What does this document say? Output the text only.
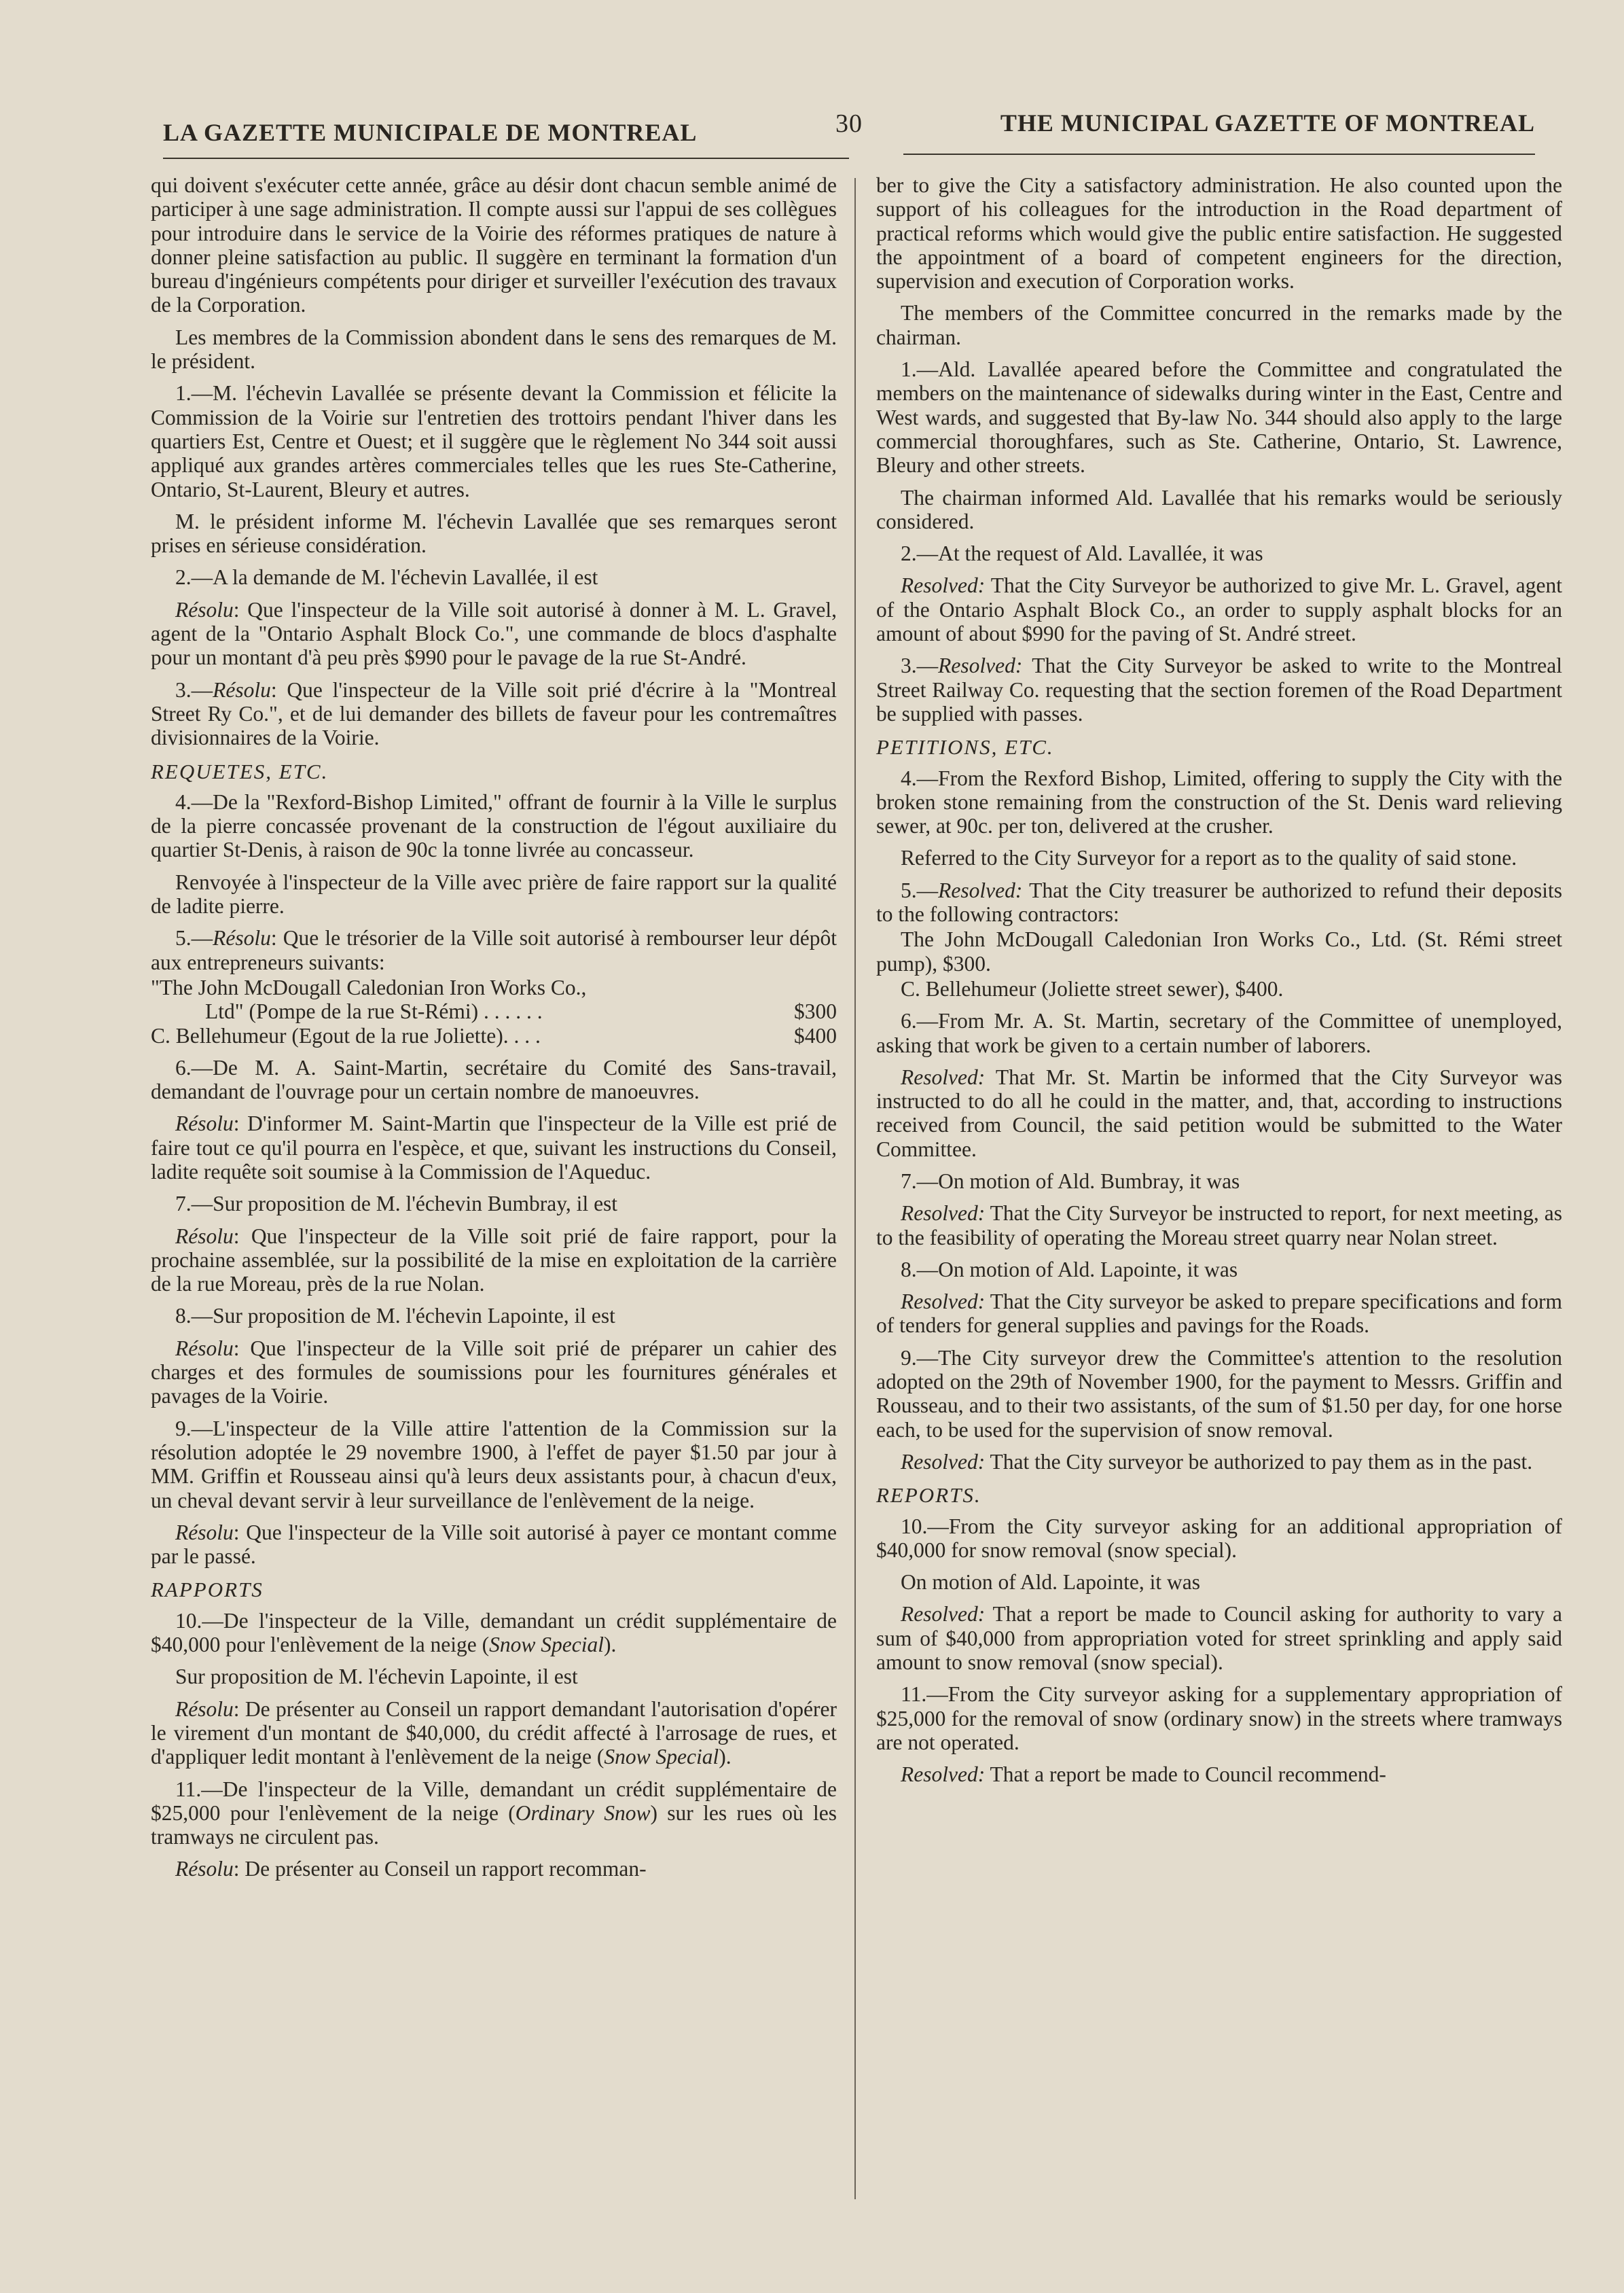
LA GAZETTE MUNICIPALE DE MONTREAL	30	THE MUNICIPAL GAZETTE OF MONTREAL

qui doivent s'exécuter cette année, grâce au désir dont chacun semble animé de participer à une sage administration. Il compte aussi sur l'appui de ses collègues pour introduire dans le service de la Voirie des réformes pratiques de nature à donner pleine satisfaction au public. Il suggère en terminant la formation d'un bureau d'ingénieurs compétents pour diriger et surveiller l'exécution des travaux de la Corporation.

Les membres de la Commission abondent dans le sens des remarques de M. le président.

1.—M. l'échevin Lavallée se présente devant la Commission et félicite la Commission de la Voirie sur l'entretien des trottoirs pendant l'hiver dans les quartiers Est, Centre et Ouest; et il suggère que le règlement No 344 soit aussi appliqué aux grandes artères commerciales telles que les rues Ste-Catherine, Ontario, St-Laurent, Bleury et autres.

M. le président informe M. l'échevin Lavallée que ses remarques seront prises en sérieuse considération.

2.—A la demande de M. l'échevin Lavallée, il est

Résolu: Que l'inspecteur de la Ville soit autorisé à donner à M. L. Gravel, agent de la "Ontario Asphalt Block Co.", une commande de blocs d'asphalte pour un montant d'à peu près $990 pour le pavage de la rue St-André.

3.—Résolu: Que l'inspecteur de la Ville soit prié d'écrire à la "Montreal Street Ry Co.", et de lui demander des billets de faveur pour les contremaîtres divisionnaires de la Voirie.

REQUETES, ETC.

4.—De la "Rexford-Bishop Limited," offrant de fournir à la Ville le surplus de la pierre concassée provenant de la construction de l'égout auxiliaire du quartier St-Denis, à raison de 90c la tonne livrée au concasseur.

Renvoyée à l'inspecteur de la Ville avec prière de faire rapport sur la qualité de ladite pierre.

5.—Résolu: Que le trésorier de la Ville soit autorisé à rembourser leur dépôt aux entrepreneurs suivants:

"The John McDougall Caledonian Iron Works Co.,

Ltd" (Pompe de la rue St-Rémi) . . . . . .	$300

C. Bellehumeur (Egout de la rue Joliette). . . .	$400

6.—De M. A. Saint-Martin, secrétaire du Comité des Sans-travail, demandant de l'ouvrage pour un certain nombre de manoeuvres.

Résolu: D'informer M. Saint-Martin que l'inspecteur de la Ville est prié de faire tout ce qu'il pourra en l'espèce, et que, suivant les instructions du Conseil, ladite requête soit soumise à la Commission de l'Aqueduc.

7.—Sur proposition de M. l'échevin Bumbray, il est

Résolu: Que l'inspecteur de la Ville soit prié de faire rapport, pour la prochaine assemblée, sur la possibilité de la mise en exploitation de la carrière de la rue Moreau, près de la rue Nolan.

8.—Sur proposition de M. l'échevin Lapointe, il est

Résolu: Que l'inspecteur de la Ville soit prié de préparer un cahier des charges et des formules de soumissions pour les fournitures générales et pavages de la Voirie.

9.—L'inspecteur de la Ville attire l'attention de la Commission sur la résolution adoptée le 29 novembre 1900, à l'effet de payer $1.50 par jour à MM. Griffin et Rousseau ainsi qu'à leurs deux assistants pour, à chacun d'eux, un cheval devant servir à leur surveillance de l'enlèvement de la neige.

Résolu: Que l'inspecteur de la Ville soit autorisé à payer ce montant comme par le passé.

RAPPORTS

10.—De l'inspecteur de la Ville, demandant un crédit supplémentaire de $40,000 pour l'enlèvement de la neige (Snow Special).

Sur proposition de M. l'échevin Lapointe, il est

Résolu: De présenter au Conseil un rapport demandant l'autorisation d'opérer le virement d'un montant de $40,000, du crédit affecté à l'arrosage de rues, et d'appliquer ledit montant à l'enlèvement de la neige (Snow Special).

11.—De l'inspecteur de la Ville, demandant un crédit supplémentaire de $25,000 pour l'enlèvement de la neige (Ordinary Snow) sur les rues où les tramways ne circulent pas.

Résolu: De présenter au Conseil un rapport recomman-

ber to give the City a satisfactory administration. He also counted upon the support of his colleagues for the introduction in the Road department of practical reforms which would give the public entire satisfaction. He suggested the appointment of a board of competent engineers for the direction, supervision and execution of Corporation works.

The members of the Committee concurred in the remarks made by the chairman.

1.—Ald. Lavallée apeared before the Committee and congratulated the members on the maintenance of sidewalks during winter in the East, Centre and West wards, and suggested that By-law No. 344 should also apply to the large commercial thoroughfares, such as Ste. Catherine, Ontario, St. Lawrence, Bleury and other streets.

The chairman informed Ald. Lavallée that his remarks would be seriously considered.

2.—At the request of Ald. Lavallée, it was

Resolved: That the City Surveyor be authorized to give Mr. L. Gravel, agent of the Ontario Asphalt Block Co., an order to supply asphalt blocks for an amount of about $990 for the paving of St. André street.

3.—Resolved: That the City Surveyor be asked to write to the Montreal Street Railway Co. requesting that the section foremen of the Road Department be supplied with passes.

PETITIONS, ETC.

4.—From the Rexford Bishop, Limited, offering to supply the City with the broken stone remaining from the construction of the St. Denis ward relieving sewer, at 90c. per ton, delivered at the crusher.

Referred to the City Surveyor for a report as to the quality of said stone.

5.—Resolved: That the City treasurer be authorized to refund their deposits to the following contractors:

The John McDougall Caledonian Iron Works Co., Ltd. (St. Rémi street pump), $300.

C. Bellehumeur (Joliette street sewer), $400.

6.—From Mr. A. St. Martin, secretary of the Committee of unemployed, asking that work be given to a certain number of laborers.

Resolved: That Mr. St. Martin be informed that the City Surveyor was instructed to do all he could in the matter, and, that, according to instructions received from Council, the said petition would be submitted to the Water Committee.

7.—On motion of Ald. Bumbray, it was

Resolved: That the City Surveyor be instructed to report, for next meeting, as to the feasibility of operating the Moreau street quarry near Nolan street.

8.—On motion of Ald. Lapointe, it was

Resolved: That the City surveyor be asked to prepare specifications and form of tenders for general supplies and pavings for the Roads.

9.—The City surveyor drew the Committee's attention to the resolution adopted on the 29th of November 1900, for the payment to Messrs. Griffin and Rousseau, and to their two assistants, of the sum of $1.50 per day, for one horse each, to be used for the supervision of snow removal.

Resolved: That the City surveyor be authorized to pay them as in the past.

REPORTS.

10.—From the City surveyor asking for an additional appropriation of $40,000 for snow removal (snow special).

On motion of Ald. Lapointe, it was

Resolved: That a report be made to Council asking for authority to vary a sum of $40,000 from appropriation voted for street sprinkling and apply said amount to snow removal (snow special).

11.—From the City surveyor asking for a supplementary appropriation of $25,000 for the removal of snow (ordinary snow) in the streets where tramways are not operated.

Resolved: That a report be made to Council recommend-
